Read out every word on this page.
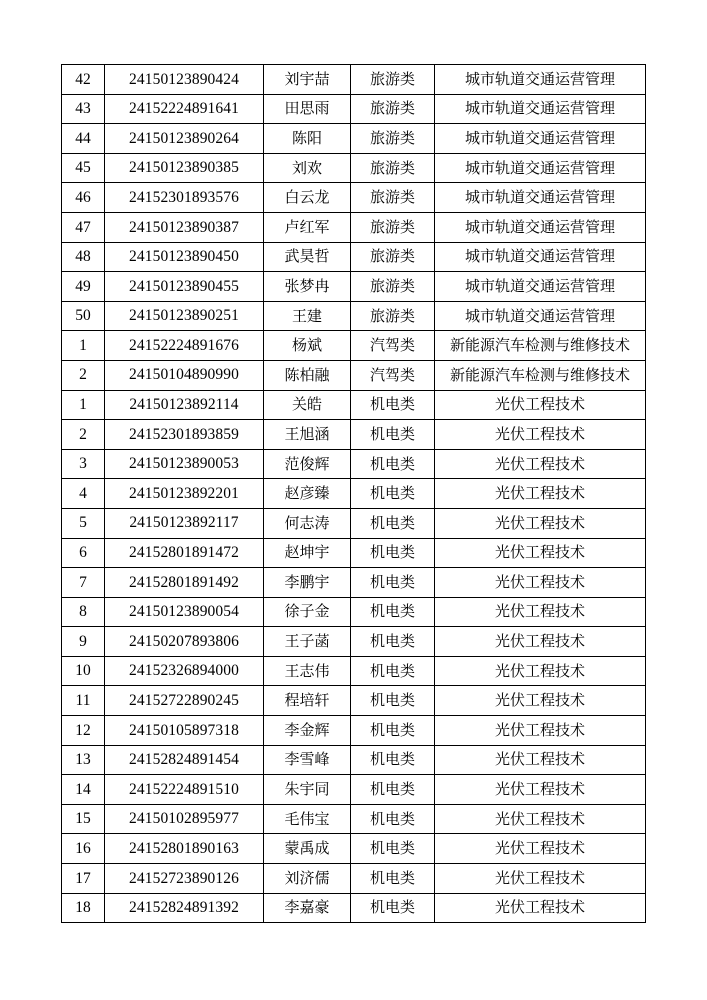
42	24150123890424	刘宇喆	旅游类	城市轨道交通运营管理
43	24152224891641	田思雨	旅游类	城市轨道交通运营管理
44	24150123890264	陈阳	旅游类	城市轨道交通运营管理
45	24150123890385	刘欢	旅游类	城市轨道交通运营管理
46	24152301893576	白云龙	旅游类	城市轨道交通运营管理
47	24150123890387	卢红军	旅游类	城市轨道交通运营管理
48	24150123890450	武昊哲	旅游类	城市轨道交通运营管理
49	24150123890455	张梦冉	旅游类	城市轨道交通运营管理
50	24150123890251	王建	旅游类	城市轨道交通运营管理
1	24152224891676	杨斌	汽驾类	新能源汽车检测与维修技术
2	24150104890990	陈柏融	汽驾类	新能源汽车检测与维修技术
1	24150123892114	关皓	机电类	光伏工程技术
2	24152301893859	王旭涵	机电类	光伏工程技术
3	24150123890053	范俊辉	机电类	光伏工程技术
4	24150123892201	赵彦臻	机电类	光伏工程技术
5	24150123892117	何志涛	机电类	光伏工程技术
6	24152801891472	赵坤宇	机电类	光伏工程技术
7	24152801891492	李鹏宇	机电类	光伏工程技术
8	24150123890054	徐子金	机电类	光伏工程技术
9	24150207893806	王子菡	机电类	光伏工程技术
10	24152326894000	王志伟	机电类	光伏工程技术
11	24152722890245	程培轩	机电类	光伏工程技术
12	24150105897318	李金辉	机电类	光伏工程技术
13	24152824891454	李雪峰	机电类	光伏工程技术
14	24152224891510	朱宇同	机电类	光伏工程技术
15	24150102895977	毛伟宝	机电类	光伏工程技术
16	24152801890163	蒙禹成	机电类	光伏工程技术
17	24152723890126	刘济儒	机电类	光伏工程技术
18	24152824891392	李嘉豪	机电类	光伏工程技术
